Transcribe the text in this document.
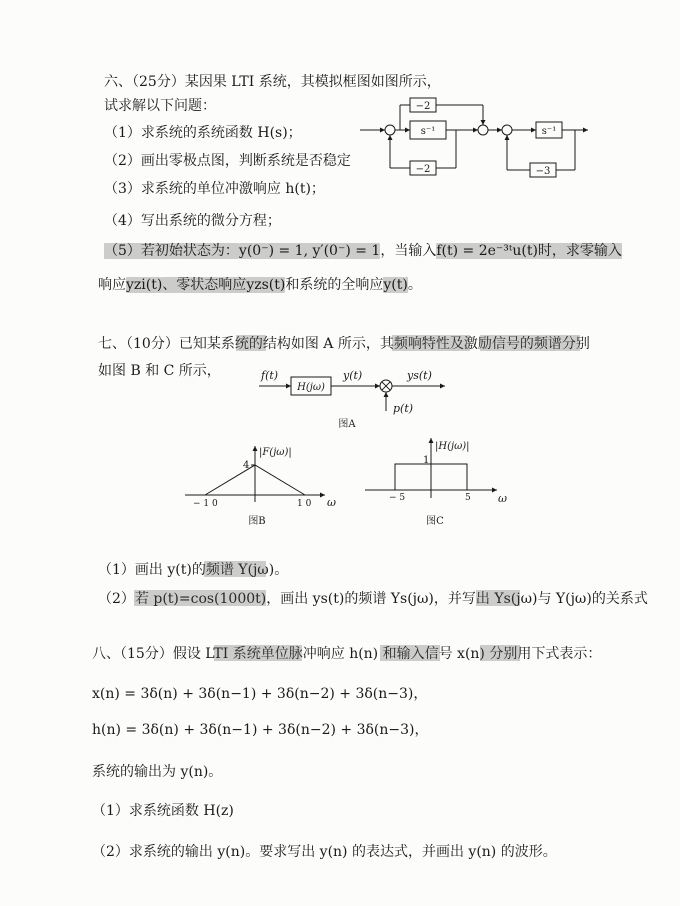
六、（25分）某因果 LTI 系统，其模拟框图如图所示，
试求解以下问题：
（1）求系统的系统函数 H(s)；
（2）画出零极点图，判断系统是否稳定
（3）求系统的单位冲激响应 h(t)；
（4）写出系统的微分方程；
（5）若初始状态为：y(0⁻) = 1, y′(0⁻) = 1，当输入f(t) = 2e⁻³ᵗu(t)时，求零输入
响应yzi(t)、零状态响应yzs(t)和系统的全响应y(t)。
s⁻¹
−2
−2
s⁻¹
−3
七、（10分）已知某系统的结构如图 A 所示，其频响特性及激励信号的频谱分别
如图 B 和 C 所示，	f(t)
H(jω)
y(t)	ys(t)
p(t)
图A
|F(jω)|
4
− 1 0	1 0 ω
图B
|H(jω)|
1
− 5	5 ω
图C
（1）画出 y(t)的频谱 Y(jω)。
（2）若 p(t)=cos(1000t)，画出 ys(t)的频谱 Ys(jω)，并写出 Ys(jω)与 Y(jω)的关系式
八、（15分）假设 LTI 系统单位脉冲响应 h(n) 和输入信号 x(n) 分别用下式表示：
x(n) = 3δ(n) + 3δ(n−1) + 3δ(n−2) + 3δ(n−3)，
h(n) = 3δ(n) + 3δ(n−1) + 3δ(n−2) + 3δ(n−3)，
系统的输出为 y(n)。
（1）求系统函数 H(z)
（2）求系统的输出 y(n)。要求写出 y(n) 的表达式，并画出 y(n) 的波形。
